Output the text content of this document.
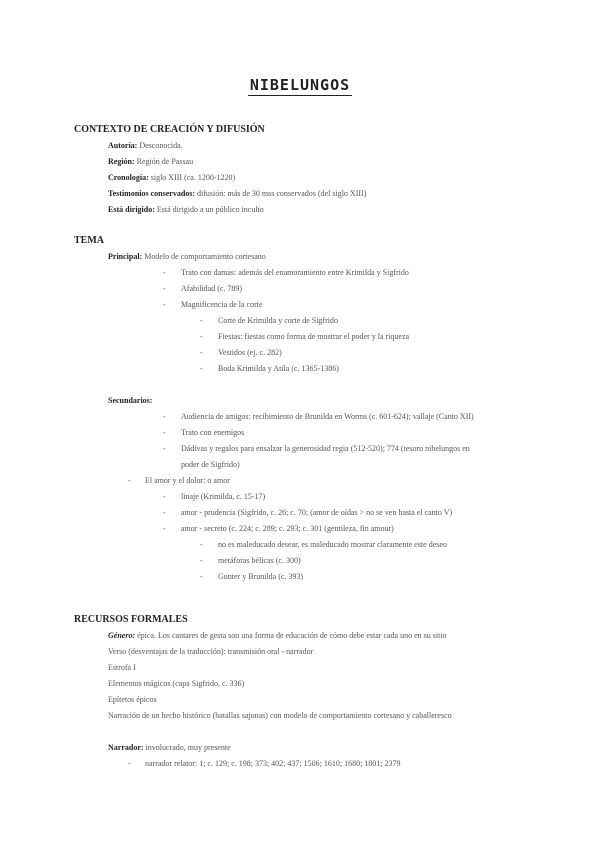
NIBELUNGOS
CONTEXTO DE CREACIÓN Y DIFUSIÓN
Autoría: Desconocida.
Región: Región de Passau
Cronología: siglo XIII (ca. 1200-1220)
Testimonios conservados: difusión: más de 30 mss conservados (del siglo XIII)
Está dirigido: Está dirigido a un público inculto
TEMA
Principal: Modelo de comportamiento cortesano
- Trato con damas: además del enamoramiento entre Krimilda y Sigfrido
- Afabilidad (c. 789)
- Magnificencia de la corte
- Corte de Krimilda y corte de Sigfrido
- Fiestas: fiestas como forma de mostrar el poder y la riqueza
- Vestidos (ej. c. 282)
- Boda Krimilda y Atila (c. 1365-1386)
Secundarios:
- Audiencia de amigos: recibimiento de Brunilda en Worms (c. 601-624); vallaje (Canto XII)
- Trato con enemigos
- Dádivas y regalos para ensalzar la generosidad regia (512-520); 774 (tesoro nibelungos en
poder de Sigfrido)
- El amor y el dolor: o amor
- linaje (Krimilda, c. 15-17)
- amor - prudencia (Sigfrido, c. 26; c. 70; (amor de oídas > no se ven hasta el canto V)
- amor - secreto (c. 224; c. 289; c. 293; c. 301 (gentileza, fin amour)
- no es maleducado desear, es maleducado mostrar claramente este deseo
- metáforas bélicas (c. 300)
- Gunter y Brunilda (c. 393)
RECURSOS FORMALES
Género: épica. Los cantares de gesta son una forma de educación de cómo debe estar cada uno en su sitio
Verso (desventajas de la traducción): transmisión oral - narrador
Estrofa I
Elementos mágicos (capa Sigfrido, c. 336)
Epítetos épicos
Narración de un hecho histórico (batallas sajonas) con modelo de comportamiento cortesano y caballeresco
Narrador: involucrado, muy presente
- narrador relator: 1; c. 129; c. 198; 373; 402; 437; 1506; 1610; 1680; 1801; 2379
